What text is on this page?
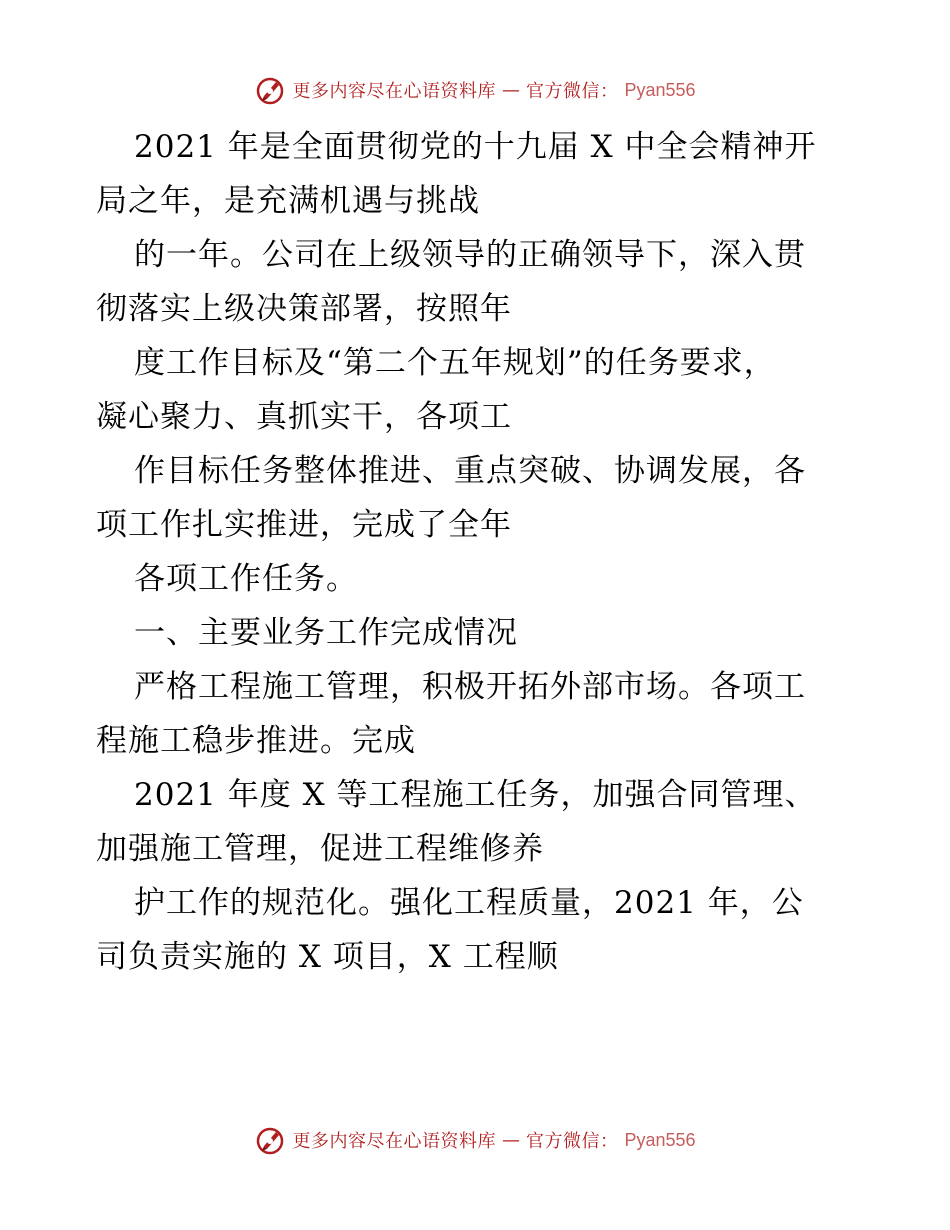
更多内容尽在心语资料库 — 官方微信： Pyan556
2021 年是全面贯彻党的十九届 X 中全会精神开
局之年，是充满机遇与挑战
的一年。公司在上级领导的正确领导下，深入贯
彻落实上级决策部署，按照年
度工作目标及“第二个五年规划”的任务要求，
凝心聚力、真抓实干，各项工
作目标任务整体推进、重点突破、协调发展，各
项工作扎实推进，完成了全年
各项工作任务。
一、主要业务工作完成情况
严格工程施工管理，积极开拓外部市场。各项工
程施工稳步推进。完成
2021 年度 X 等工程施工任务，加强合同管理、
加强施工管理，促进工程维修养
护工作的规范化。强化工程质量，2021 年，公
司负责实施的 X 项目，X 工程顺
更多内容尽在心语资料库 — 官方微信： Pyan556
